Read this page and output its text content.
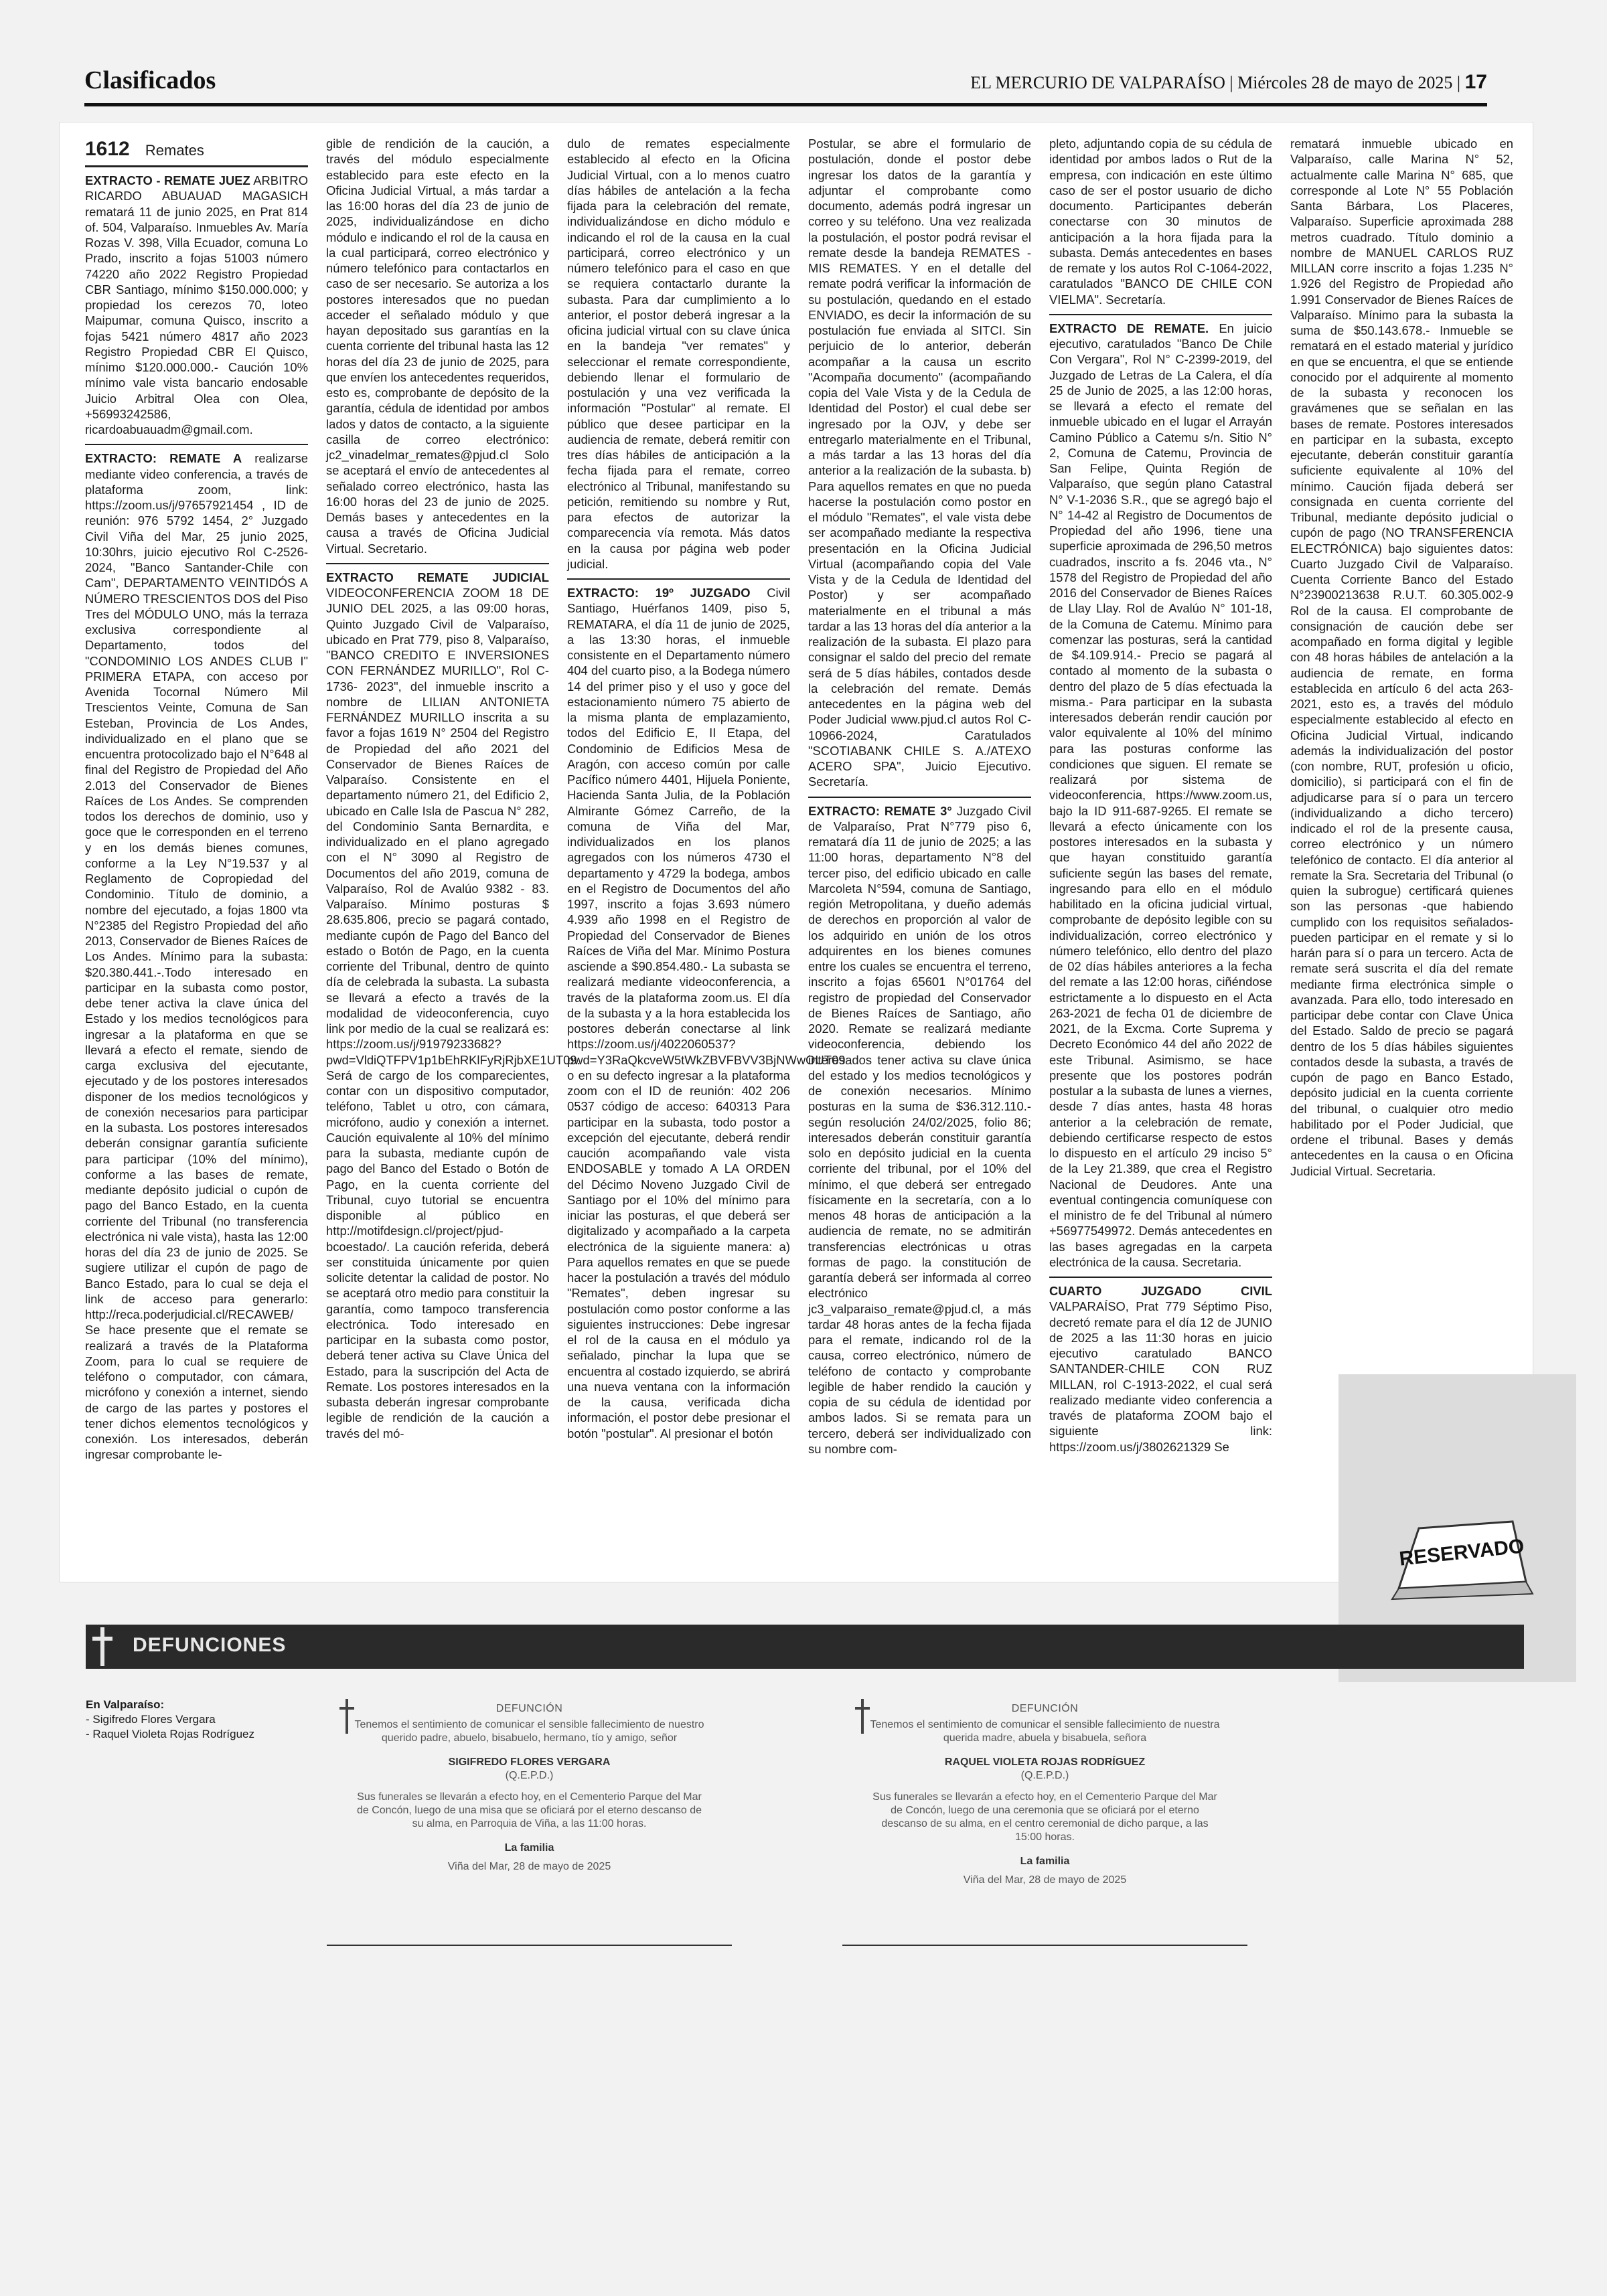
Clasificados	EL MERCURIO DE VALPARAÍSO | Miércoles 28 de mayo de 2025 | 17
1612 Remates

EXTRACTO - REMATE JUEZ ARBITRO RICARDO ABUAUAD MAGASICH rematará 11 de junio 2025, en Prat 814 of. 504, Valparaíso. Inmuebles Av. María Rozas V. 398, Villa Ecuador, comuna Lo Prado, inscrito a fojas 51003 número 74220 año 2022 Registro Propiedad CBR Santiago, mínimo $150.000.000; y propiedad los cerezos 70, loteo Maipumar, comuna Quisco, inscrito a fojas 5421 número 4817 año 2023 Registro Propiedad CBR El Quisco, mínimo $120.000.000.- Caución 10% mínimo vale vista bancario endosable Juicio Arbitral Olea con Olea, +56993242586, ricardoabuauadm@gmail.com.

EXTRACTO: REMATE A realizarse mediante video conferencia, a través de plataforma zoom, link: https://zoom.us/j/97657921454 , ID de reunión: 976 5792 1454, 2° Juzgado Civil Viña del Mar, 25 junio 2025, 10:30hrs, juicio ejecutivo Rol C-2526-2024, "Banco Santander-Chile con Cam", DEPARTAMENTO VEINTIDÓS A NÚMERO TRESCIENTOS DOS del Piso Tres del MÓDULO UNO, más la terraza exclusiva correspondiente al Departamento, todos del "CONDOMINIO LOS ANDES CLUB I" PRIMERA ETAPA, con acceso por Avenida Tocornal Número Mil Trescientos Veinte, Comuna de San Esteban, Provincia de Los Andes, individualizado en el plano que se encuentra protocolizado bajo el N°648 al final del Registro de Propiedad del Año 2.013 del Conservador de Bienes Raíces de Los Andes. Se comprenden todos los derechos de dominio, uso y goce que le corresponden en el terreno y en los demás bienes comunes, conforme a la Ley N°19.537 y al Reglamento de Copropiedad del Condominio. Título de dominio, a nombre del ejecutado, a fojas 1800 vta N°2385 del Registro Propiedad del año 2013, Conservador de Bienes Raíces de Los Andes. Mínimo para la subasta: $20.380.441.-.Todo interesado en participar en la subasta como postor, debe tener activa la clave única del Estado y los medios tecnológicos para ingresar a la plataforma en que se llevará a efecto el remate, siendo de carga exclusiva del ejecutante, ejecutado y de los postores interesados disponer de los medios tecnológicos y de conexión necesarios para participar en la subasta. Los postores interesados deberán consignar garantía suficiente para participar (10% del mínimo), conforme a las bases de remate, mediante depósito judicial o cupón de pago del Banco Estado, en la cuenta corriente del Tribunal (no transferencia electrónica ni vale vista), hasta las 12:00 horas del día 23 de junio de 2025. Se sugiere utilizar el cupón de pago de Banco Estado, para lo cual se deja el link de acceso para generarlo: http://reca.poderjudicial.cl/RECAWEB/ Se hace presente que el remate se realizará a través de la Plataforma Zoom, para lo cual se requiere de teléfono o computador, con cámara, micrófono y conexión a internet, siendo de cargo de las partes y postores el tener dichos elementos tecnológicos y conexión. Los interesados, deberán ingresar comprobante le-

gible de rendición de la caución, a través del módulo especialmente establecido para este efecto en la Oficina Judicial Virtual, a más tardar a las 16:00 horas del día 23 de junio de 2025, individualizándose en dicho módulo e indicando el rol de la causa en la cual participará, correo electrónico y número telefónico para contactarlos en caso de ser necesario. Se autoriza a los postores interesados que no puedan acceder el señalado módulo y que hayan depositado sus garantías en la cuenta corriente del tribunal hasta las 12 horas del día 23 de junio de 2025, para que envíen los antecedentes requeridos, esto es, comprobante de depósito de la garantía, cédula de identidad por ambos lados y datos de contacto, a la siguiente casilla de correo electrónico: jc2_vinadelmar_remates@pjud.cl Solo se aceptará el envío de antecedentes al señalado correo electrónico, hasta las 16:00 horas del 23 de junio de 2025. Demás bases y antecedentes en la causa a través de Oficina Judicial Virtual. Secretario.

EXTRACTO REMATE JUDICIAL VIDEOCONFERENCIA ZOOM 18 DE JUNIO DEL 2025, a las 09:00 horas, Quinto Juzgado Civil de Valparaíso, ubicado en Prat 779, piso 8, Valparaíso, "BANCO CREDITO E INVERSIONES CON FERNÁNDEZ MURILLO", Rol C-1736- 2023", del inmueble inscrito a nombre de LILIAN ANTONIETA FERNÁNDEZ MURILLO inscrita a su favor a fojas 1619 N° 2504 del Registro de Propiedad del año 2021 del Conservador de Bienes Raíces de Valparaíso. Consistente en el departamento número 21, del Edificio 2, ubicado en Calle Isla de Pascua N° 282, del Condominio Santa Bernardita, e individualizado en el plano agregado con el N° 3090 al Registro de Documentos del año 2019, comuna de Valparaíso, Rol de Avalúo 9382 - 83. Valparaíso. Mínimo posturas $ 28.635.806, precio se pagará contado, mediante cupón de Pago del Banco del estado o Botón de Pago, en la cuenta corriente del Tribunal, dentro de quinto día de celebrada la subasta. La subasta se llevará a efecto a través de la modalidad de videoconferencia, cuyo link por medio de la cual se realizará es: https://zoom.us/j/91979233682?pwd=VldiQTFPV1p1bEhRKlFyRjRjbXE1UT09. Será de cargo de los comparecientes, contar con un dispositivo computador, teléfono, Tablet u otro, con cámara, micrófono, audio y conexión a internet. Caución equivalente al 10% del mínimo para la subasta, mediante cupón de pago del Banco del Estado o Botón de Pago, en la cuenta corriente del Tribunal, cuyo tutorial se encuentra disponible al público en http://motifdesign.cl/project/pjud-bcoestado/. La caución referida, deberá ser constituida únicamente por quien solicite detentar la calidad de postor. No se aceptará otro medio para constituir la garantía, como tampoco transferencia electrónica. Todo interesado en participar en la subasta como postor, deberá tener activa su Clave Única del Estado, para la suscripción del Acta de Remate. Los postores interesados en la subasta deberán ingresar comprobante legible de rendición de la caución a través del mó-

dulo de remates especialmente establecido al efecto en la Oficina Judicial Virtual, con a lo menos cuatro días hábiles de antelación a la fecha fijada para la celebración del remate, individualizándose en dicho módulo e indicando el rol de la causa en la cual participará, correo electrónico y un número telefónico para el caso en que se requiera contactarlo durante la subasta. Para dar cumplimiento a lo anterior, el postor deberá ingresar a la oficina judicial virtual con su clave única en la bandeja "ver remates" y seleccionar el remate correspondiente, debiendo llenar el formulario de postulación y una vez verificada la información "Postular" al remate. El público que desee participar en la audiencia de remate, deberá remitir con tres días hábiles de anticipación a la fecha fijada para el remate, correo electrónico al Tribunal, manifestando su petición, remitiendo su nombre y Rut, para efectos de autorizar la comparecencia vía remota. Más datos en la causa por página web poder judicial.

EXTRACTO: 19º JUZGADO Civil Santiago, Huérfanos 1409, piso 5, REMATARA, el día 11 de junio de 2025, a las 13:30 horas, el inmueble consistente en el Departamento número 404 del cuarto piso, a la Bodega número 14 del primer piso y el uso y goce del estacionamiento número 75 abierto de la misma planta de emplazamiento, todos del Edificio E, II Etapa, del Condominio de Edificios Mesa de Aragón, con acceso común por calle Pacífico número 4401, Hijuela Poniente, Hacienda Santa Julia, de la Población Almirante Gómez Carreño, de la comuna de Viña del Mar, individualizados en los planos agregados con los números 4730 el departamento y 4729 la bodega, ambos en el Registro de Documentos del año 1997, inscrito a fojas 3.693 número 4.939 año 1998 en el Registro de Propiedad del Conservador de Bienes Raíces de Viña del Mar. Mínimo Postura asciende a $90.854.480.- La subasta se realizará mediante videoconferencia, a través de la plataforma zoom.us. El día de la subasta y a la hora establecida los postores deberán conectarse al link https://zoom.us/j/4022060537?pwd=Y3RaQkcveW5tWkZBVFBVV3BjNWwOUT09 o en su defecto ingresar a la plataforma zoom con el ID de reunión: 402 206 0537 código de acceso: 640313 Para participar en la subasta, todo postor a excepción del ejecutante, deberá rendir caución acompañando vale vista ENDOSABLE y tomado A LA ORDEN del Décimo Noveno Juzgado Civil de Santiago por el 10% del mínimo para iniciar las posturas, el que deberá ser digitalizado y acompañado a la carpeta electrónica de la siguiente manera: a) Para aquellos remates en que se puede hacer la postulación a través del módulo "Remates", deben ingresar su postulación como postor conforme a las siguientes instrucciones: Debe ingresar el rol de la causa en el módulo ya señalado, pinchar la lupa que se encuentra al costado izquierdo, se abrirá una nueva ventana con la información de la causa, verificada dicha información, el postor debe presionar el botón "postular". Al presionar el botón

Postular, se abre el formulario de postulación, donde el postor debe ingresar los datos de la garantía y adjuntar el comprobante como documento, además podrá ingresar un correo y su teléfono. Una vez realizada la postulación, el postor podrá revisar el remate desde la bandeja REMATES - MIS REMATES. Y en el detalle del remate podrá verificar la información de su postulación, quedando en el estado ENVIADO, es decir la información de su postulación fue enviada al SITCI. Sin perjuicio de lo anterior, deberán acompañar a la causa un escrito "Acompaña documento" (acompañando copia del Vale Vista y de la Cedula de Identidad del Postor) el cual debe ser ingresado por la OJV, y debe ser entregarlo materialmente en el Tribunal, a más tardar a las 13 horas del día anterior a la realización de la subasta. b) Para aquellos remates en que no pueda hacerse la postulación como postor en el módulo "Remates", el vale vista debe ser acompañado mediante la respectiva presentación en la Oficina Judicial Virtual (acompañando copia del Vale Vista y de la Cedula de Identidad del Postor) y ser acompañado materialmente en el tribunal a más tardar a las 13 horas del día anterior a la realización de la subasta. El plazo para consignar el saldo del precio del remate será de 5 días hábiles, contados desde la celebración del remate. Demás antecedentes en la página web del Poder Judicial www.pjud.cl autos Rol C-10966-2024, Caratulados "SCOTIABANK CHILE S. A./ATEXO ACERO SPA", Juicio Ejecutivo. Secretaría.

EXTRACTO: REMATE 3° Juzgado Civil de Valparaíso, Prat N°779 piso 6, rematará día 11 de junio de 2025; a las 11:00 horas, departamento N°8 del tercer piso, del edificio ubicado en calle Marcoleta N°594, comuna de Santiago, región Metropolitana, y dueño además de derechos en proporción al valor de los adquirido en unión de los otros adquirentes en los bienes comunes entre los cuales se encuentra el terreno, inscrito a fojas 65601 N°01764 del registro de propiedad del Conservador de Bienes Raíces de Santiago, año 2020. Remate se realizará mediante videoconferencia, debiendo los interesados tener activa su clave única del estado y los medios tecnológicos y de conexión necesarios. Mínimo posturas en la suma de $36.312.110.- según resolución 24/02/2025, folio 86; interesados deberán constituir garantía solo en depósito judicial en la cuenta corriente del tribunal, por el 10% del mínimo, el que deberá ser entregado físicamente en la secretaría, con a lo menos 48 horas de anticipación a la audiencia de remate, no se admitirán transferencias electrónicas u otras formas de pago. la constitución de garantía deberá ser informada al correo electrónico jc3_valparaiso_remate@pjud.cl, a más tardar 48 horas antes de la fecha fijada para el remate, indicando rol de la causa, correo electrónico, número de teléfono de contacto y comprobante legible de haber rendido la caución y copia de su cédula de identidad por ambos lados. Si se remata para un tercero, deberá ser individualizado con su nombre com-

pleto, adjuntando copia de su cédula de identidad por ambos lados o Rut de la empresa, con indicación en este último caso de ser el postor usuario de dicho documento. Participantes deberán conectarse con 30 minutos de anticipación a la hora fijada para la subasta. Demás antecedentes en bases de remate y los autos Rol C-1064-2022, caratulados "BANCO DE CHILE CON VIELMA". Secretaría.

EXTRACTO DE REMATE. En juicio ejecutivo, caratulados "Banco De Chile Con Vergara", Rol N° C-2399-2019, del Juzgado de Letras de La Calera, el día 25 de Junio de 2025, a las 12:00 horas, se llevará a efecto el remate del inmueble ubicado en el lugar el Arrayán Camino Público a Catemu s/n. Sitio N° 2, Comuna de Catemu, Provincia de San Felipe, Quinta Región de Valparaíso, que según plano Catastral N° V-1-2036 S.R., que se agregó bajo el N° 14-42 al Registro de Documentos de Propiedad del año 1996, tiene una superficie aproximada de 296,50 metros cuadrados, inscrito a fs. 2046 vta., N° 1578 del Registro de Propiedad del año 2016 del Conservador de Bienes Raíces de Llay Llay. Rol de Avalúo N° 101-18, de la Comuna de Catemu. Mínimo para comenzar las posturas, será la cantidad de $4.109.914.- Precio se pagará al contado al momento de la subasta o dentro del plazo de 5 días efectuada la misma.- Para participar en la subasta interesados deberán rendir caución por valor equivalente al 10% del mínimo para las posturas conforme las condiciones que siguen. El remate se realizará por sistema de videoconferencia, https://www.zoom.us, bajo la ID 911-687-9265. El remate se llevará a efecto únicamente con los postores interesados en la subasta y que hayan constituido garantía suficiente según las bases del remate, ingresando para ello en el módulo habilitado en la oficina judicial virtual, comprobante de depósito legible con su individualización, correo electrónico y número telefónico, ello dentro del plazo de 02 días hábiles anteriores a la fecha del remate a las 12:00 horas, ciñéndose estrictamente a lo dispuesto en el Acta 263-2021 de fecha 01 de diciembre de 2021, de la Excma. Corte Suprema y Decreto Económico 44 del año 2022 de este Tribunal. Asimismo, se hace presente que los postores podrán postular a la subasta de lunes a viernes, desde 7 días antes, hasta 48 horas anterior a la celebración de remate, debiendo certificarse respecto de estos lo dispuesto en el artículo 29 inciso 5° de la Ley 21.389, que crea el Registro Nacional de Deudores. Ante una eventual contingencia comuníquese con el ministro de fe del Tribunal al número +56977549972. Demás antecedentes en las bases agregadas en la carpeta electrónica de la causa. Secretaria.

CUARTO JUZGADO CIVIL VALPARAÍSO, Prat 779 Séptimo Piso, decretó remate para el día 12 de JUNIO de 2025 a las 11:30 horas en juicio ejecutivo caratulado BANCO SANTANDER-CHILE CON RUZ MILLAN, rol C-1913-2022, el cual será realizado mediante video conferencia a través de plataforma ZOOM bajo el siguiente link: https://zoom.us/j/3802621329 Se

rematará inmueble ubicado en Valparaíso, calle Marina N° 52, actualmente calle Marina N° 685, que corresponde al Lote N° 55 Población Santa Bárbara, Los Placeres, Valparaíso. Superficie aproximada 288 metros cuadrado. Título dominio a nombre de MANUEL CARLOS RUZ MILLAN corre inscrito a fojas 1.235 N° 1.926 del Registro de Propiedad año 1.991 Conservador de Bienes Raíces de Valparaíso. Mínimo para la subasta la suma de $50.143.678.- Inmueble se rematará en el estado material y jurídico en que se encuentra, el que se entiende conocido por el adquirente al momento de la subasta y reconocen los gravámenes que se señalan en las bases de remate. Postores interesados en participar en la subasta, excepto ejecutante, deberán constituir garantía suficiente equivalente al 10% del mínimo. Caución fijada deberá ser consignada en cuenta corriente del Tribunal, mediante depósito judicial o cupón de pago (NO TRANSFERENCIA ELECTRÓNICA) bajo siguientes datos: Cuarto Juzgado Civil de Valparaíso. Cuenta Corriente Banco del Estado N°23900213638 R.U.T. 60.305.002-9 Rol de la causa. El comprobante de consignación de caución debe ser acompañado en forma digital y legible con 48 horas hábiles de antelación a la audiencia de remate, en forma establecida en artículo 6 del acta 263-2021, esto es, a través del módulo especialmente establecido al efecto en Oficina Judicial Virtual, indicando además la individualización del postor (con nombre, RUT, profesión u oficio, domicilio), si participará con el fin de adjudicarse para sí o para un tercero (individualizando a dicho tercero) indicado el rol de la presente causa, correo electrónico y un número telefónico de contacto. El día anterior al remate la Sra. Secretaria del Tribunal (o quien la subrogue) certificará quienes son las personas -que habiendo cumplido con los requisitos señalados- pueden participar en el remate y si lo harán para sí o para un tercero. Acta de remate será suscrita el día del remate mediante firma electrónica simple o avanzada. Para ello, todo interesado en participar debe contar con Clave Única del Estado. Saldo de precio se pagará dentro de los 5 días hábiles siguientes contados desde la subasta, a través de cupón de pago en Banco Estado, depósito judicial en la cuenta corriente del tribunal, o cualquier otro medio habilitado por el Poder Judicial, que ordene el tribunal. Bases y demás antecedentes en la causa o en Oficina Judicial Virtual. Secretaria.

RESERVADO
DEFUNCIONES
En Valparaíso:
- Sigifredo Flores Vergara
- Raquel Violeta Rojas Rodríguez
DEFUNCIÓN
Tenemos el sentimiento de comunicar el sensible fallecimiento de nuestro querido padre, abuelo, bisabuelo, hermano, tío y amigo, señor
SIGIFREDO FLORES VERGARA
(Q.E.P.D.)
Sus funerales se llevarán a efecto hoy, en el Cementerio Parque del Mar de Concón, luego de una misa que se oficiará por el eterno descanso de su alma, en Parroquia de Viña, a las 11:00 horas.
La familia
Viña del Mar, 28 de mayo de 2025
DEFUNCIÓN
Tenemos el sentimiento de comunicar el sensible fallecimiento de nuestra querida madre, abuela y bisabuela, señora
RAQUEL VIOLETA ROJAS RODRÍGUEZ
(Q.E.P.D.)
Sus funerales se llevarán a efecto hoy, en el Cementerio Parque del Mar de Concón, luego de una ceremonia que se oficiará por el eterno descanso de su alma, en el centro ceremonial de dicho parque, a las 15:00 horas.
La familia
Viña del Mar, 28 de mayo de 2025
